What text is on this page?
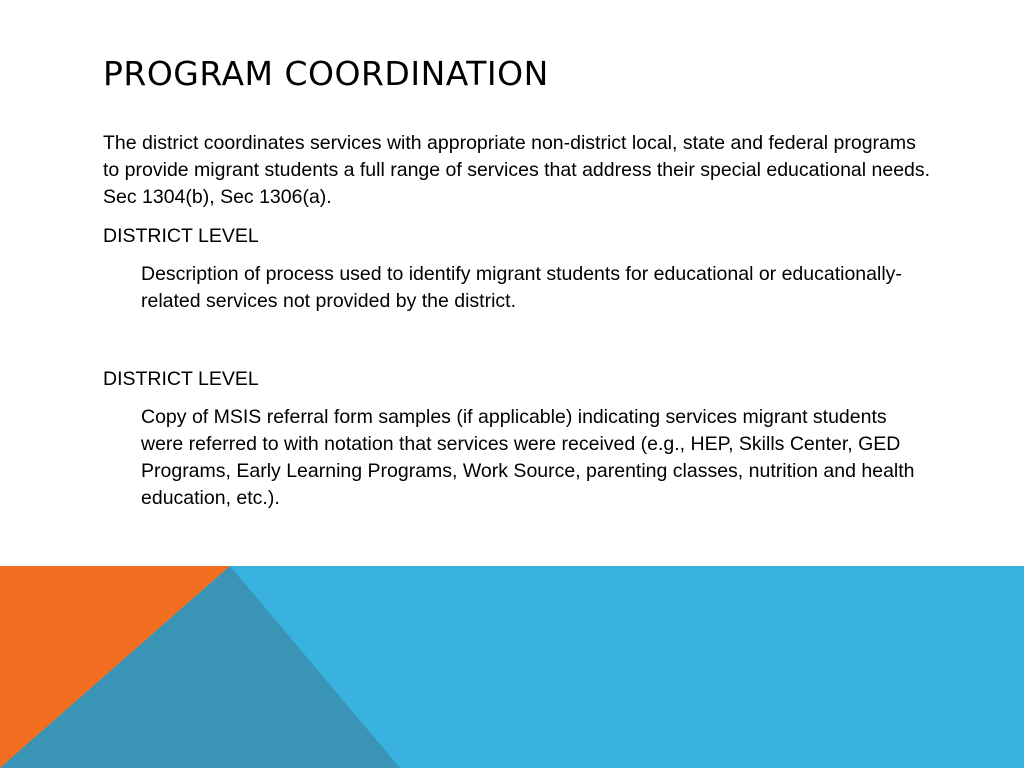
PROGRAM COORDINATION

The district coordinates services with appropriate non-district local, state and federal programs to provide migrant students a full range of services that address their special educational needs. Sec 1304(b), Sec 1306(a).

DISTRICT LEVEL

Description of process used to identify migrant students for educational or educationally-related services not provided by the district.

DISTRICT LEVEL

Copy of MSIS referral form samples (if applicable) indicating services migrant students were referred to with notation that services were received (e.g., HEP, Skills Center, GED Programs, Early Learning Programs, Work Source, parenting classes, nutrition and health education, etc.).
